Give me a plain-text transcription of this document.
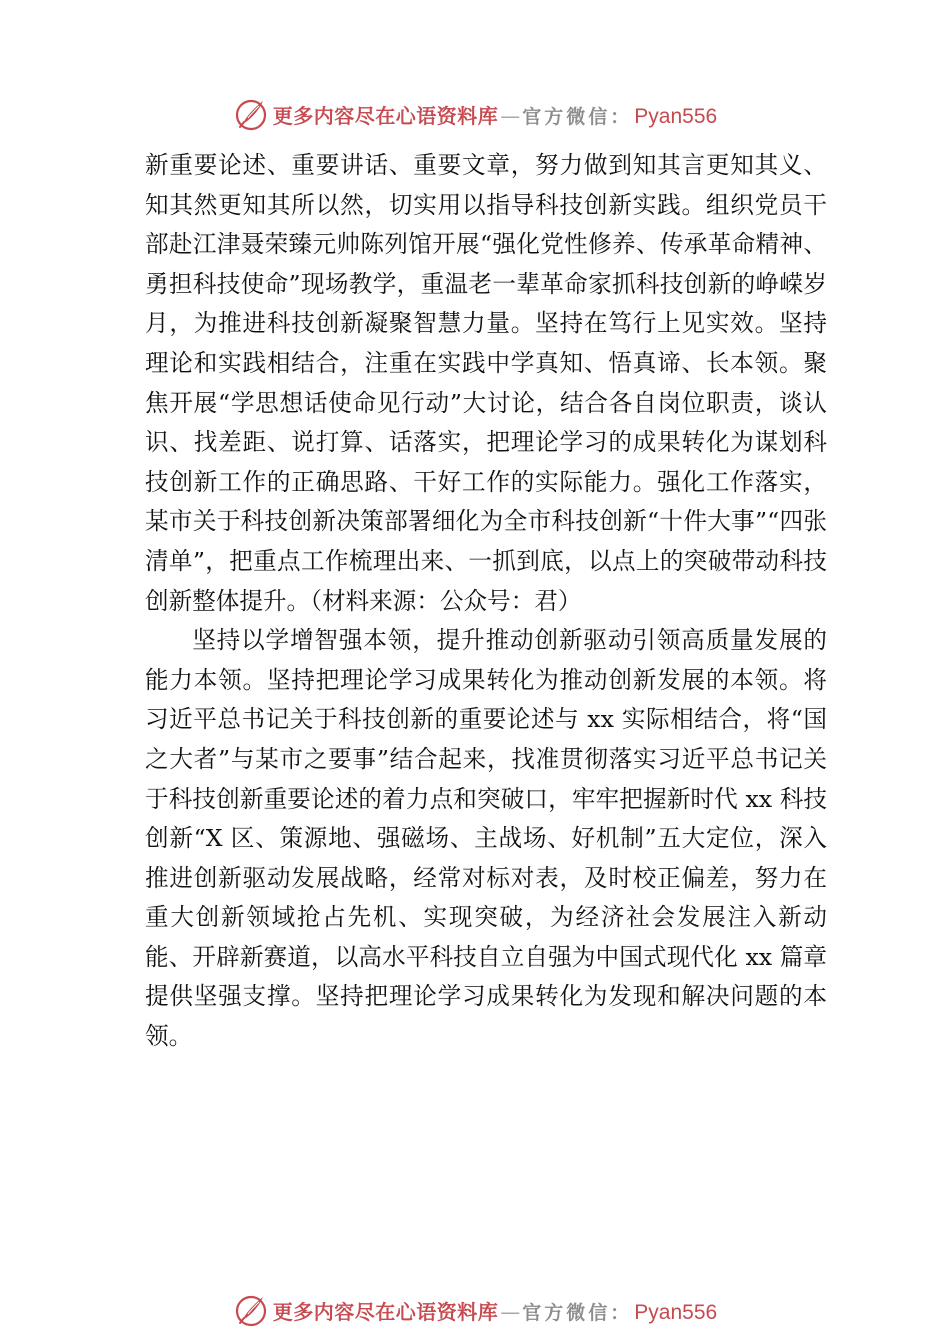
更多内容尽在心语资料库 — 官方微信： Pyan556

新重要论述、重要讲话、重要文章，努力做到知其言更知其义、知其然更知其所以然，切实用以指导科技创新实践。组织党员干部赴江津聂荣臻元帅陈列馆开展“强化党性修养、传承革命精神、勇担科技使命”现场教学，重温老一辈革命家抓科技创新的峥嵘岁月，为推进科技创新凝聚智慧力量。坚持在笃行上见实效。坚持理论和实践相结合，注重在实践中学真知、悟真谛、长本领。聚焦开展“学思想话使命见行动”大讨论，结合各自岗位职责，谈认识、找差距、说打算、话落实，把理论学习的成果转化为谋划科技创新工作的正确思路、干好工作的实际能力。强化工作落实，某市关于科技创新决策部署细化为全市科技创新“十件大事”“四张清单”，把重点工作梳理出来、一抓到底，以点上的突破带动科技创新整体提升。（材料来源：公众号：君）

坚持以学增智强本领，提升推动创新驱动引领高质量发展的能力本领。坚持把理论学习成果转化为推动创新发展的本领。将习近平总书记关于科技创新的重要论述与 xx 实际相结合，将“国之大者”与某市之要事”结合起来，找准贯彻落实习近平总书记关于科技创新重要论述的着力点和突破口，牢牢把握新时代 xx 科技创新“X 区、策源地、强磁场、主战场、好机制”五大定位，深入推进创新驱动发展战略，经常对标对表，及时校正偏差，努力在重大创新领域抢占先机、实现突破，为经济社会发展注入新动能、开辟新赛道，以高水平科技自立自强为中国式现代化 xx 篇章提供坚强支撑。坚持把理论学习成果转化为发现和解决问题的本领。

更多内容尽在心语资料库 — 官方微信： Pyan556
